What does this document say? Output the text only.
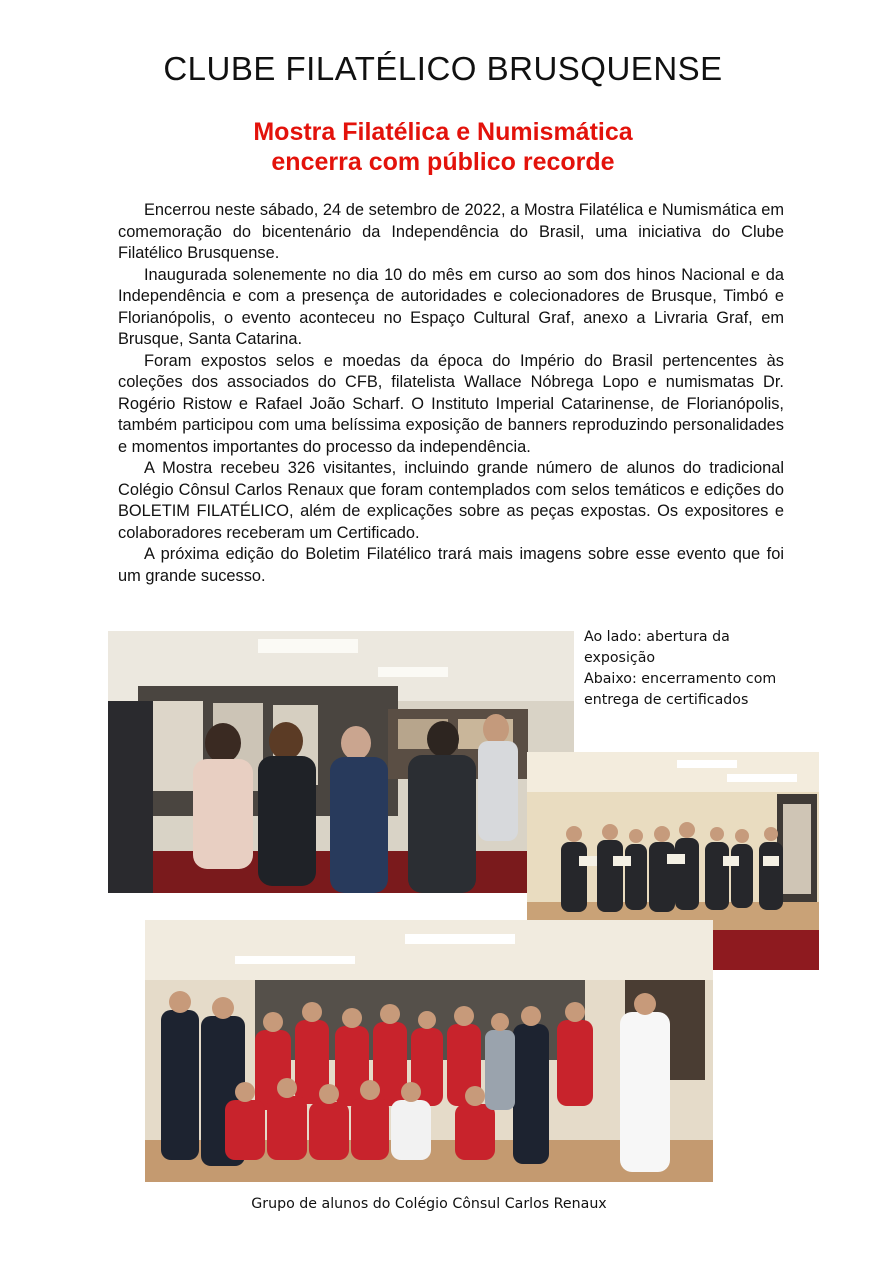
CLUBE FILATÉLICO BRUSQUENSE
Mostra Filatélica e Numismática
encerra com público recorde

Encerrou neste sábado, 24 de setembro de 2022, a Mostra Filatélica e Numismática em comemoração do bicentenário da Independência do Brasil, uma iniciativa do Clube Filatélico Brusquense.

Inaugurada solenemente no dia 10 do mês em curso ao som dos hinos Nacional e da Independência e com a presença de autoridades e colecionadores de Brusque, Timbó e Florianópolis, o evento aconteceu no Espaço Cultural Graf, anexo a Livraria Graf, em Brusque, Santa Catarina.

Foram expostos selos e moedas da época do Império do Brasil pertencentes às coleções dos associados do CFB, filatelista Wallace Nóbrega Lopo e numismatas Dr. Rogério Ristow e Rafael João Scharf. O Instituto Imperial Catarinense, de Florianópolis, também participou com uma belíssima exposição de banners reproduzindo personalidades e momentos importantes do processo da independência.

A Mostra recebeu 326 visitantes, incluindo grande número de alunos do tradicional Colégio Cônsul Carlos Renaux que foram contemplados com selos temáticos e edições do BOLETIM FILATÉLICO, além de explicações sobre as peças expostas. Os expositores e colaboradores receberam um Certificado.

A próxima edição do Boletim Filatélico trará mais imagens sobre esse evento que foi um grande sucesso.

Ao lado: abertura da
exposição
Abaixo: encerramento com
entrega de certificados
Grupo de alunos do Colégio Cônsul Carlos Renaux
